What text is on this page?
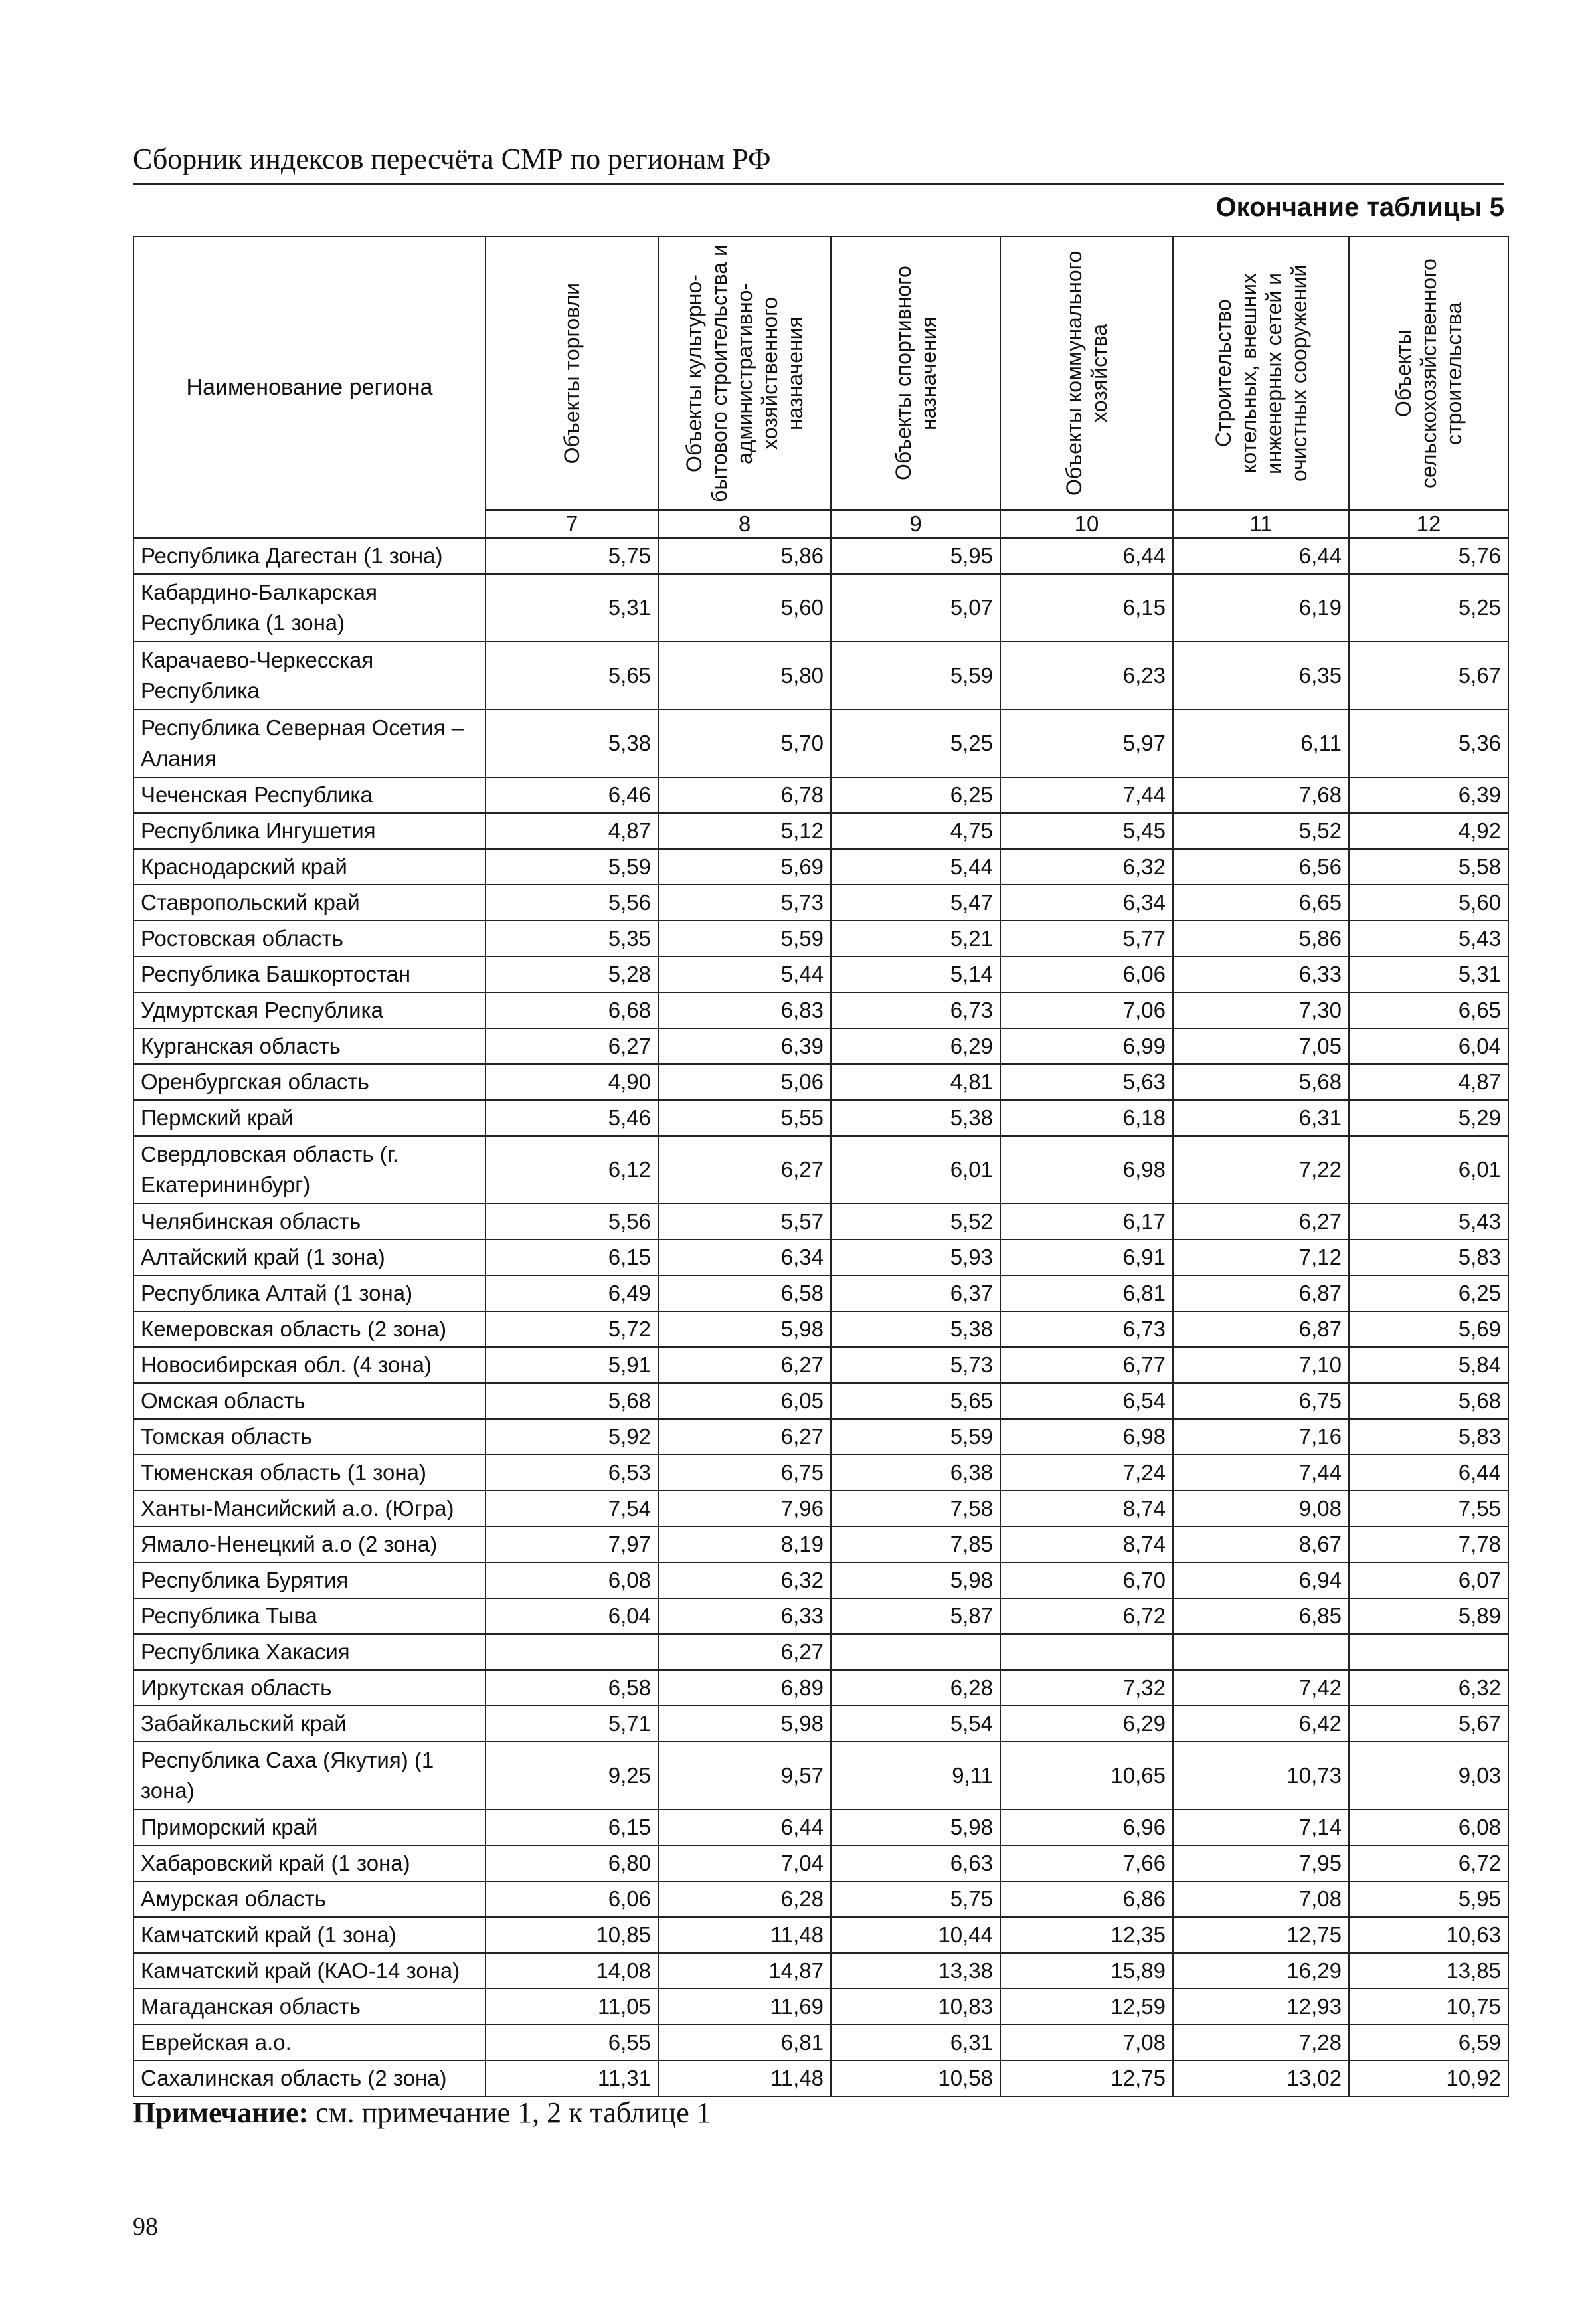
Сборник индексов пересчёта СМР по регионам РФ
Окончание таблицы 5
Наименование региона	Объекты торговли	Объекты культурно-бытового строительства и административно-хозяйственного назначения	Объекты спортивного назначения	Объекты коммунального хозяйства	Строительство котельных, внешних инженерных сетей и очистных сооружений	Объекты сельскохозяйственного строительства

	7	8	9	10	11	12
Республика Дагестан (1 зона)	5,75	5,86	5,95	6,44	6,44	5,76
Кабардино-Балкарская Республика (1 зона)	5,31	5,60	5,07	6,15	6,19	5,25
Карачаево-Черкесская Республика	5,65	5,80	5,59	6,23	6,35	5,67
Республика Северная Осетия – Алания	5,38	5,70	5,25	5,97	6,11	5,36
Чеченская Республика	6,46	6,78	6,25	7,44	7,68	6,39
Республика Ингушетия	4,87	5,12	4,75	5,45	5,52	4,92
Краснодарский край	5,59	5,69	5,44	6,32	6,56	5,58
Ставропольский край	5,56	5,73	5,47	6,34	6,65	5,60
Ростовская область	5,35	5,59	5,21	5,77	5,86	5,43
Республика Башкортостан	5,28	5,44	5,14	6,06	6,33	5,31
Удмуртская Республика	6,68	6,83	6,73	7,06	7,30	6,65
Курганская область	6,27	6,39	6,29	6,99	7,05	6,04
Оренбургская область	4,90	5,06	4,81	5,63	5,68	4,87
Пермский край	5,46	5,55	5,38	6,18	6,31	5,29
Свердловская область (г. Екатерининбург)	6,12	6,27	6,01	6,98	7,22	6,01
Челябинская область	5,56	5,57	5,52	6,17	6,27	5,43
Алтайский край (1 зона)	6,15	6,34	5,93	6,91	7,12	5,83
Республика Алтай (1 зона)	6,49	6,58	6,37	6,81	6,87	6,25
Кемеровская область (2 зона)	5,72	5,98	5,38	6,73	6,87	5,69
Новосибирская обл. (4 зона)	5,91	6,27	5,73	6,77	7,10	5,84
Омская область	5,68	6,05	5,65	6,54	6,75	5,68
Томская область	5,92	6,27	5,59	6,98	7,16	5,83
Тюменская область (1 зона)	6,53	6,75	6,38	7,24	7,44	6,44
Ханты-Мансийский а.о. (Югра)	7,54	7,96	7,58	8,74	9,08	7,55
Ямало-Ненецкий а.о (2 зона)	7,97	8,19	7,85	8,74	8,67	7,78
Республика Бурятия	6,08	6,32	5,98	6,70	6,94	6,07
Республика Тыва	6,04	6,33	5,87	6,72	6,85	5,89
Республика Хакасия		6,27				
Иркутская область	6,58	6,89	6,28	7,32	7,42	6,32
Забайкальский край	5,71	5,98	5,54	6,29	6,42	5,67
Республика Саха (Якутия) (1 зона)	9,25	9,57	9,11	10,65	10,73	9,03
Приморский край	6,15	6,44	5,98	6,96	7,14	6,08
Хабаровский край (1 зона)	6,80	7,04	6,63	7,66	7,95	6,72
Амурская область	6,06	6,28	5,75	6,86	7,08	5,95
Камчатский край (1 зона)	10,85	11,48	10,44	12,35	12,75	10,63
Камчатский край (КАО-14 зона)	14,08	14,87	13,38	15,89	16,29	13,85
Магаданская область	11,05	11,69	10,83	12,59	12,93	10,75
Еврейская а.о.	6,55	6,81	6,31	7,08	7,28	6,59
Сахалинская область (2 зона)	11,31	11,48	10,58	12,75	13,02	10,92
Примечание: см. примечание 1, 2 к таблице 1
98
